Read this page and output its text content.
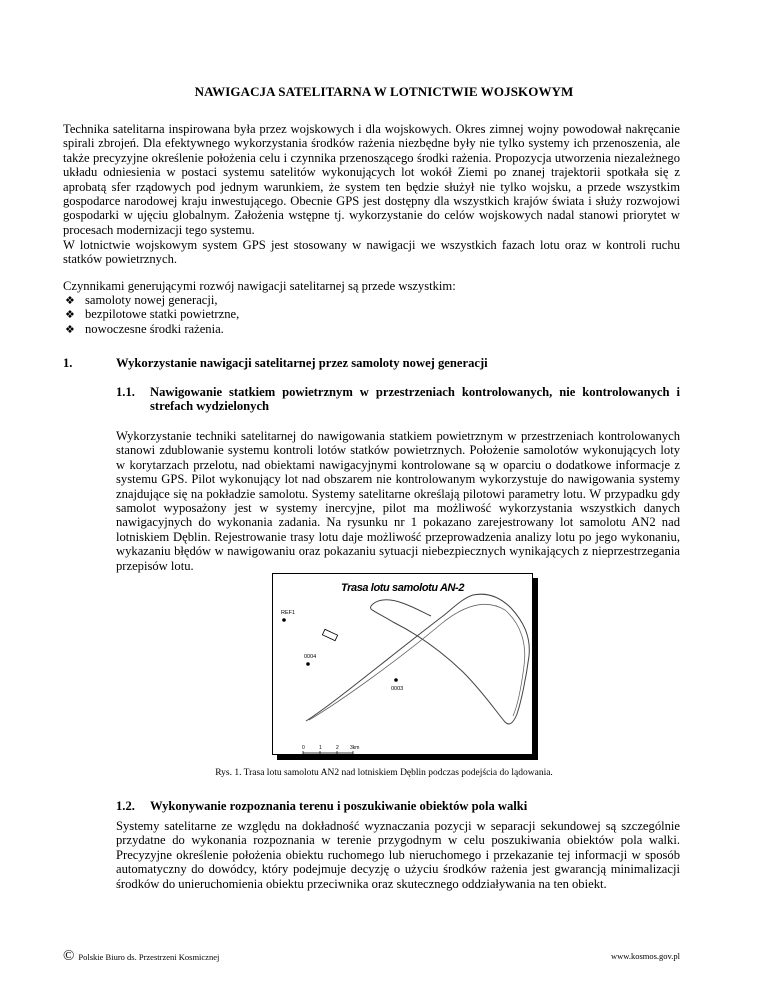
NAWIGACJA SATELITARNA W LOTNICTWIE WOJSKOWYM

Technika satelitarna inspirowana była przez wojskowych i dla wojskowych. Okres zimnej wojny powodował nakręcanie spirali zbrojeń. Dla efektywnego wykorzystania środków rażenia niezbędne były nie tylko systemy ich przenoszenia, ale także precyzyjne określenie położenia celu i czynnika przenoszącego środki rażenia. Propozycja utworzenia niezależnego układu odniesienia w postaci systemu satelitów wykonujących lot wokół Ziemi po znanej trajektorii spotkała się z aprobatą sfer rządowych pod jednym warunkiem, że system ten będzie służył nie tylko wojsku, a przede wszystkim gospodarce narodowej kraju inwestującego. Obecnie GPS jest dostępny dla wszystkich krajów świata i służy rozwojowi gospodarki w ujęciu globalnym. Założenia wstępne tj. wykorzystanie do celów wojskowych nadal stanowi priorytet w procesach modernizacji tego systemu.

W lotnictwie wojskowym system GPS jest stosowany w nawigacji we wszystkich fazach lotu oraz w kontroli ruchu statków powietrznych.

Czynnikami generującymi rozwój nawigacji satelitarnej są przede wszystkim:

❖ samoloty nowej generacji,
❖ bezpilotowe statki powietrzne,
❖ nowoczesne środki rażenia.
1.	Wykorzystanie nawigacji satelitarnej przez samoloty nowej generacji
1.1. Nawigowanie statkiem powietrznym w przestrzeniach kontrolowanych, nie kontrolowanych i
strefach wydzielonych

Wykorzystanie techniki satelitarnej do nawigowania statkiem powietrznym w przestrzeniach kontrolowanych stanowi zdublowanie systemu kontroli lotów statków powietrznych. Położenie samolotów wykonujących loty w korytarzach przelotu, nad obiektami nawigacyjnymi kontrolowane są w oparciu o dodatkowe informacje z systemu GPS. Pilot wykonujący lot nad obszarem nie kontrolowanym wykorzystuje do nawigowania systemy znajdujące się na pokładzie samolotu. Systemy satelitarne określają pilotowi parametry lotu. W przypadku gdy samolot wyposażony jest w systemy inercyjne, pilot ma możliwość wykorzystania wszystkich danych nawigacyjnych do wykonania zadania. Na rysunku nr 1 pokazano zarejestrowany lot samolotu AN2 nad lotniskiem Dęblin. Rejestrowanie trasy lotu daje możliwość przeprowadzenia analizy lotu po jego wykonaniu, wykazaniu błędów w nawigowaniu oraz pokazaniu sytuacji niebezpiecznych wynikających z nieprzestrzegania przepisów lotu.

Trasa lotu samolotu AN-2
REF1
0004
0003
0	1	2 3km
Rys. 1. Trasa lotu samolotu AN2 nad lotniskiem Dęblin podczas podejścia do lądowania.
1.2. Wykonywanie rozpoznania terenu i poszukiwanie obiektów pola walki

Systemy satelitarne ze względu na dokładność wyznaczania pozycji w separacji sekundowej są szczególnie przydatne do wykonania rozpoznania w terenie przygodnym w celu poszukiwania obiektów pola walki. Precyzyjne określenie położenia obiektu ruchomego lub nieruchomego i przekazanie tej informacji w sposób automatyczny do dowódcy, który podejmuje decyzję o użyciu środków rażenia jest gwarancją minimalizacji środków do unieruchomienia obiektu przeciwnika oraz skutecznego oddziaływania na ten obiekt.

© Polskie Biuro ds. Przestrzeni Kosmicznej	www.kosmos.gov.pl
